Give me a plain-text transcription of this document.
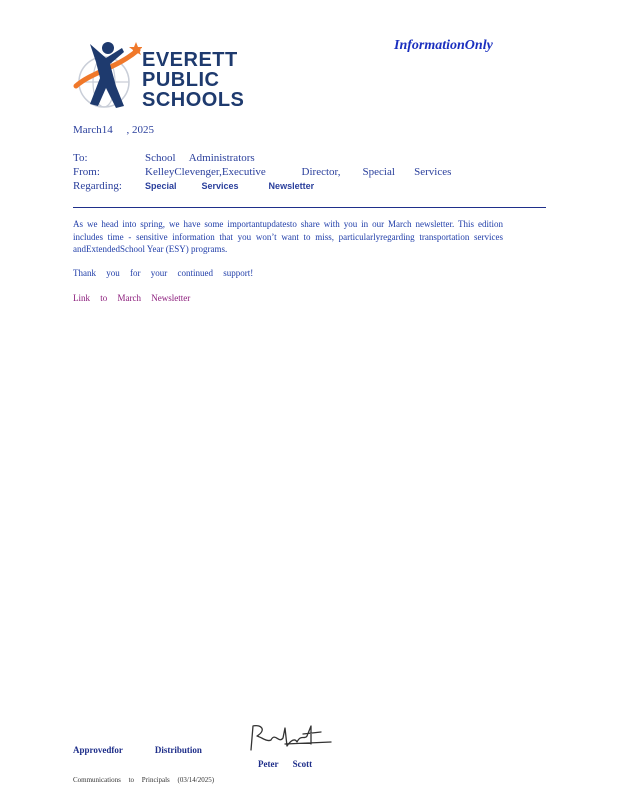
EVERETT
PUBLIC
SCHOOLS
InformationOnly
March14     , 2025
To:	School     Administrators
From:	KelleyClevenger,Executive             Director,        Special       Services
Regarding:	Special          Services            Newsletter
As we head into spring, we have some importantupdatesto share with you in our March newsletter. This edition includes time - sensitive information that you won’t want to miss, particularlyregarding transportation services andExtendedSchool Year (ESY) programs.
Thank you for your continued support!
Link to March Newsletter
Approvedfor Distribution
Peter Scott
Communications to Principals (03/14/2025)
